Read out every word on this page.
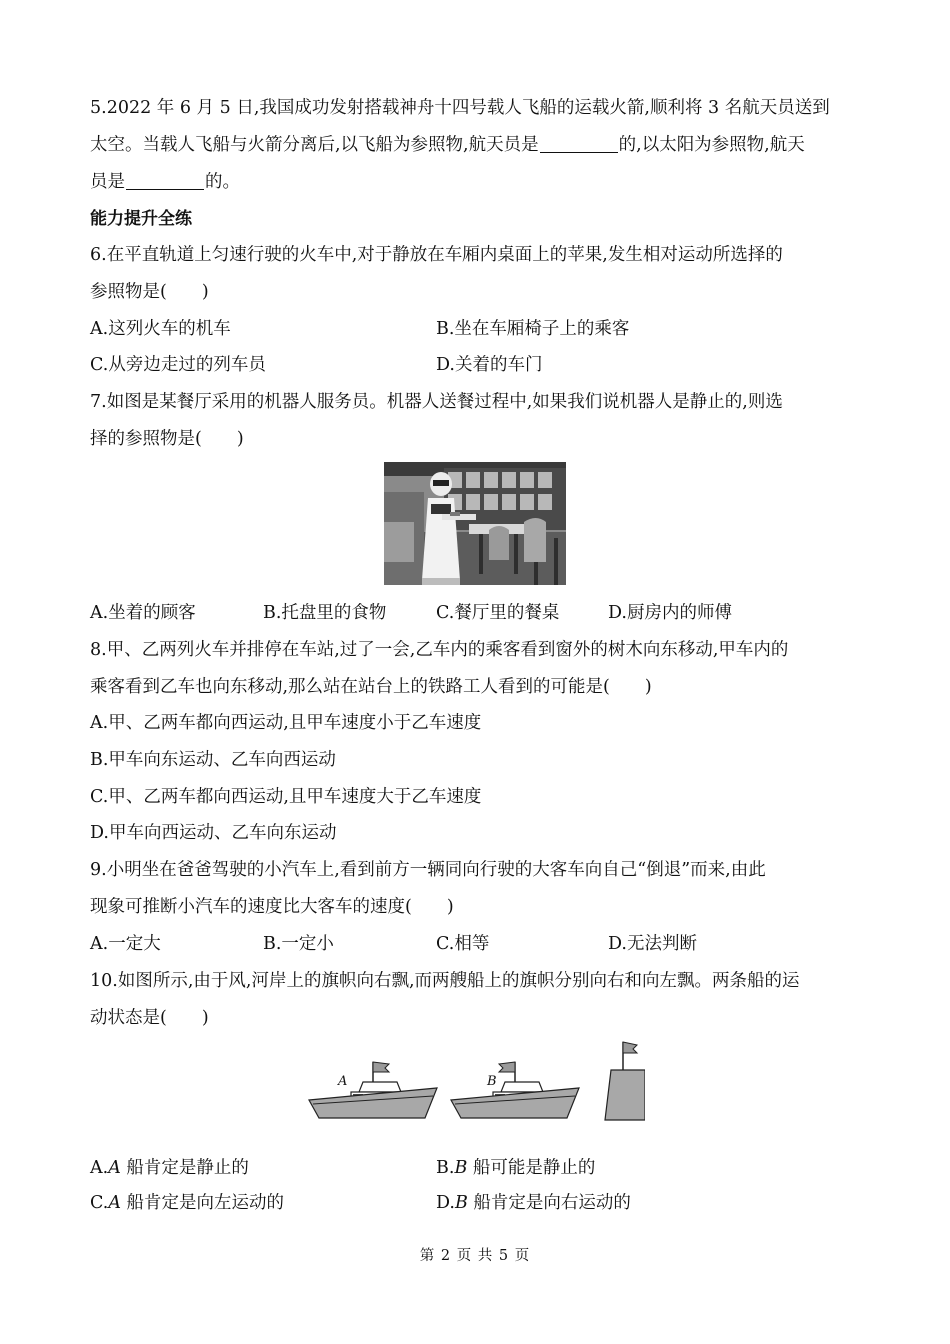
5.2022 年 6 月 5 日,我国成功发射搭载神舟十四号载人飞船的运载火箭,顺利将 3 名航天员送到
太空。当载人飞船与火箭分离后,以飞船为参照物,航天员是	的,以太阳为参照物,航天
员是	的。
能力提升全练
6.在平直轨道上匀速行驶的火车中,对于静放在车厢内桌面上的苹果,发生相对运动所选择的
参照物是(　　)
A.这列火车的机车	B.坐在车厢椅子上的乘客
C.从旁边走过的列车员	D.关着的车门
7.如图是某餐厅采用的机器人服务员。机器人送餐过程中,如果我们说机器人是静止的,则选
择的参照物是(　　)
A.坐着的顾客	B.托盘里的食物	C.餐厅里的餐桌	D.厨房内的师傅
8.甲、乙两列火车并排停在车站,过了一会,乙车内的乘客看到窗外的树木向东移动,甲车内的
乘客看到乙车也向东移动,那么站在站台上的铁路工人看到的可能是(　　)
A.甲、乙两车都向西运动,且甲车速度小于乙车速度
B.甲车向东运动、乙车向西运动
C.甲、乙两车都向西运动,且甲车速度大于乙车速度
D.甲车向西运动、乙车向东运动
9.小明坐在爸爸驾驶的小汽车上,看到前方一辆同向行驶的大客车向自己“倒退”而来,由此
现象可推断小汽车的速度比大客车的速度(　　)
A.一定大	B.一定小	C.相等	D.无法判断
10.如图所示,由于风,河岸上的旗帜向右飘,而两艘船上的旗帜分别向右和向左飘。两条船的运
动状态是(　　)
A	B
A.A 船肯定是静止的	B.B 船可能是静止的
C.A 船肯定是向左运动的	D.B 船肯定是向右运动的
第 2 页 共 5 页
